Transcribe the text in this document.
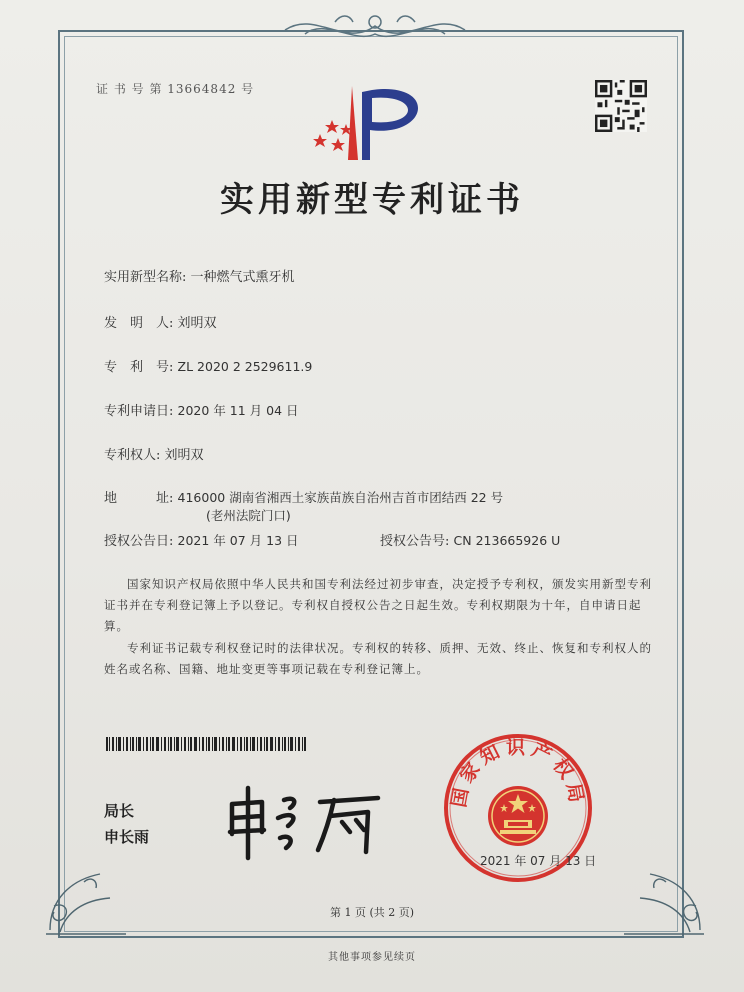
证 书 号 第 13664842 号
实用新型专利证书
实用新型名称: 一种燃气式熏牙机
发　明　人: 刘明双
专　利　号: ZL 2020 2 2529611.9
专利申请日: 2020 年 11 月 04 日
专利权人: 刘明双
地　　　址: 416000 湖南省湘西土家族苗族自治州吉首市团结西 22 号
(老州法院门口)
授权公告日: 2021 年 07 月 13 日	授权公告号: CN 213665926 U
国家知识产权局依照中华人民共和国专利法经过初步审查，决定授予专利权，颁发实用新型专利证书并在专利登记簿上予以登记。专利权自授权公告之日起生效。专利权期限为十年，自申请日起算。
专利证书记载专利权登记时的法律状况。专利权的转移、质押、无效、终止、恢复和专利权人的姓名或名称、国籍、地址变更等事项记载在专利登记簿上。
局长
申长雨
国家知识产权局
2021 年 07 月 13 日
第 1 页 (共 2 页)
其他事项参见续页
